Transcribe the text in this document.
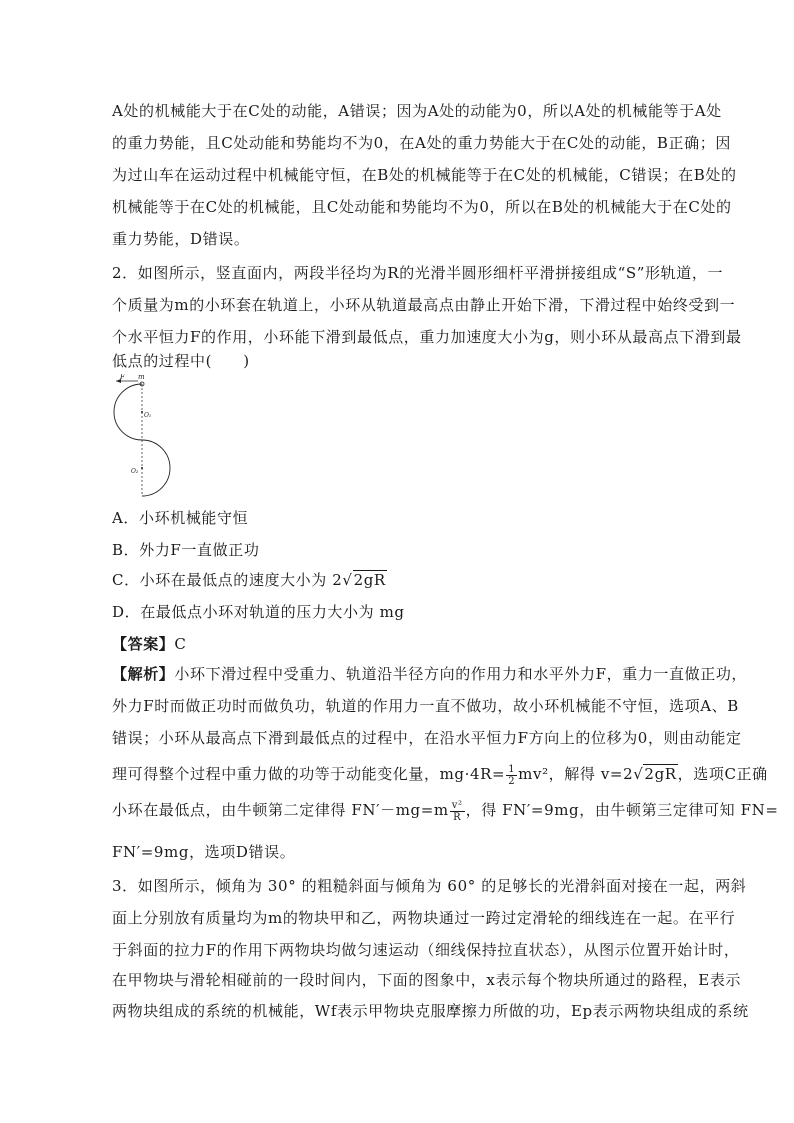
A处的机械能大于在C处的动能，A错误；因为A处的动能为0，所以A处的机械能等于A处
的重力势能，且C处动能和势能均不为0，在A处的重力势能大于在C处的动能，B正确；因
为过山车在运动过程中机械能守恒，在B处的机械能等于在C处的机械能，C错误；在B处的
机械能等于在C处的机械能，且C处动能和势能均不为0，所以在B处的机械能大于在C处的
重力势能，D错误。
2．如图所示，竖直面内，两段半径均为R的光滑半圆形细杆平滑拼接组成“S”形轨道，一
个质量为m的小环套在轨道上，小环从轨道最高点由静止开始下滑，下滑过程中始终受到一
个水平恒力F的作用，小环能下滑到最低点，重力加速度大小为g，则小环从最高点下滑到最
低点的过程中(　　)
F m
O₁
O₂
A．小环机械能守恒
B．外力F一直做正功
C．小环在最低点的速度大小为 2√2gR
D．在最低点小环对轨道的压力大小为 mg
【答案】C
【解析】小环下滑过程中受重力、轨道沿半径方向的作用力和水平外力F，重力一直做正功，
外力F时而做正功时而做负功，轨道的作用力一直不做功，故小环机械能不守恒，选项A、B
错误；小环从最高点下滑到最低点的过程中，在沿水平恒力F方向上的位移为0，则由动能定
理可得整个过程中重力做的功等于动能变化量，$mg\cdot 4R= \frac{1}{2} mv^2$，解得 v=2√2gR，选项C正确
小环在最低点，由牛顿第二定律得 $FN'-mg=m \frac{\text{v²}}{R}$ ，得 FN′=9mg，由牛顿第三定律可知 FN=
FN′=9mg，选项D错误。
3．如图所示，倾角为 30° 的粗糙斜面与倾角为 60° 的足够长的光滑斜面对接在一起，两斜
面上分别放有质量均为m的物块甲和乙，两物块通过一跨过定滑轮的细线连在一起。在平行
于斜面的拉力F的作用下两物块均做匀速运动（细线保持拉直状态），从图示位置开始计时，
在甲物块与滑轮相碰前的一段时间内，下面的图象中，x表示每个物块所通过的路程，E表示
两物块组成的系统的机械能，Wf表示甲物块克服摩擦力所做的功，Ep表示两物块组成的系统
